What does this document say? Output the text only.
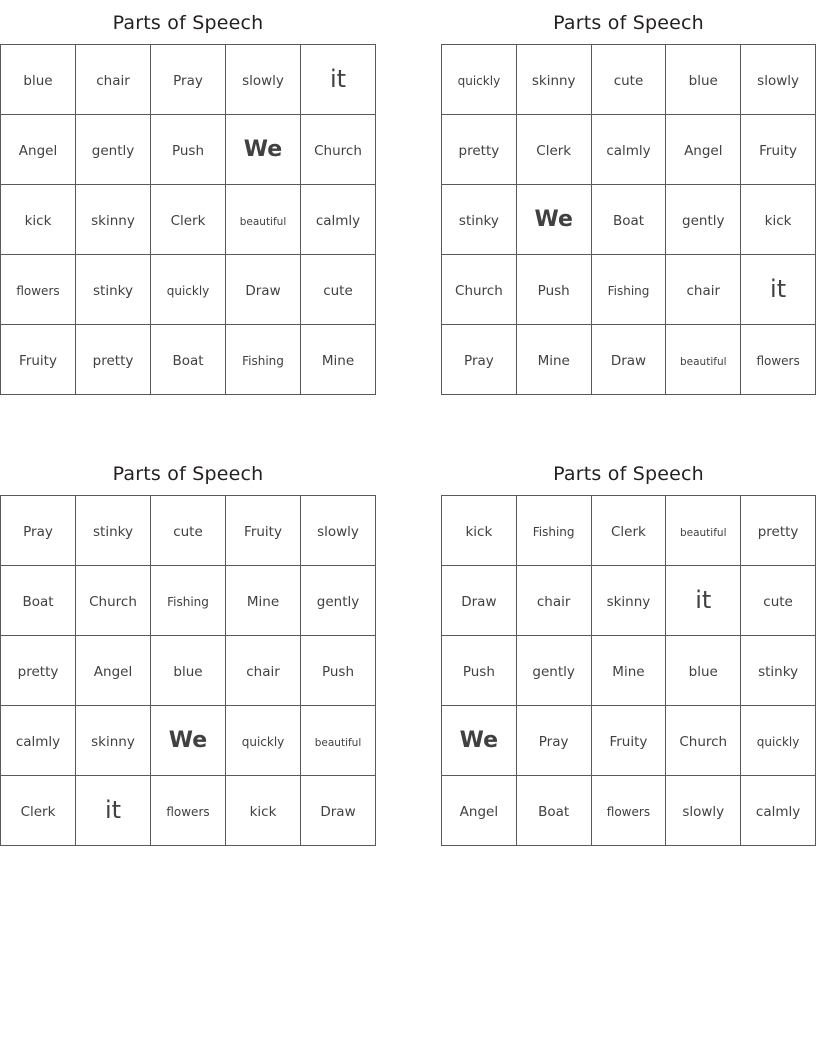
Parts of Speech
blue	chair	Pray	slowly	it
Angel	gently	Push	We	Church
kick	skinny	Clerk	beautiful	calmly
flowers	stinky	quickly	Draw	cute
Fruity	pretty	Boat	Fishing	Mine
Parts of Speech
quickly	skinny	cute	blue	slowly
pretty	Clerk	calmly	Angel	Fruity
stinky	We	Boat	gently	kick
Church	Push	Fishing	chair	it
Pray	Mine	Draw	beautiful	flowers
Parts of Speech
Pray	stinky	cute	Fruity	slowly
Boat	Church	Fishing	Mine	gently
pretty	Angel	blue	chair	Push
calmly	skinny	We	quickly	beautiful
Clerk	it	flowers	kick	Draw
Parts of Speech
kick	Fishing	Clerk	beautiful	pretty
Draw	chair	skinny	it	cute
Push	gently	Mine	blue	stinky
We	Pray	Fruity	Church	quickly
Angel	Boat	flowers	slowly	calmly
